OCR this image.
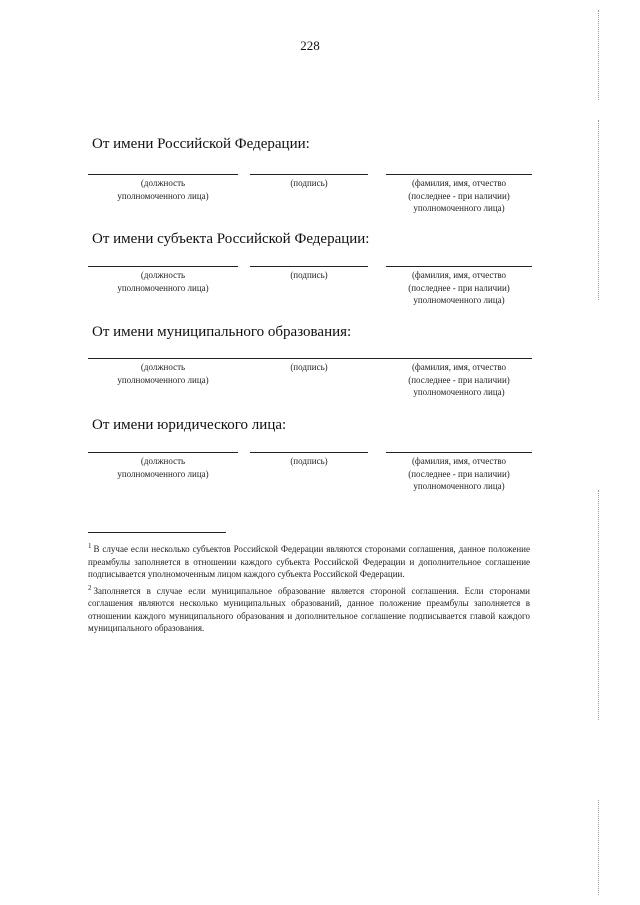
228
От имени Российской Федерации:
(должность
уполномоченного лица)
(подпись)	(фамилия, имя, отчество
(последнее - при наличии)
уполномоченного лица)
От имени субъекта Российской Федерации:
(должность
уполномоченного лица)
(подпись)	(фамилия, имя, отчество
(последнее - при наличии)
уполномоченного лица)
От имени муниципального образования:
(должность
уполномоченного лица)
(подпись)	(фамилия, имя, отчество
(последнее - при наличии)
уполномоченного лица)
От имени юридического лица:
(должность
уполномоченного лица)
(подпись)	(фамилия, имя, отчество
(последнее - при наличии)
уполномоченного лица)

$^1$ В случае если несколько субъектов Российской Федерации являются сторонами соглашения, данное положение преамбулы заполняется в отношении каждого субъекта Российской Федерации и дополнительное соглашение подписывается уполномоченным лицом каждого субъекта Российской Федерации.

$^2$ Заполняется в случае если муниципальное образование является стороной соглашения. Если сторонами соглашения являются несколько муниципальных образований, данное положение преамбулы заполняется в отношении каждого муниципального образования и дополнительное соглашение подписывается главой каждого муниципального образования.
